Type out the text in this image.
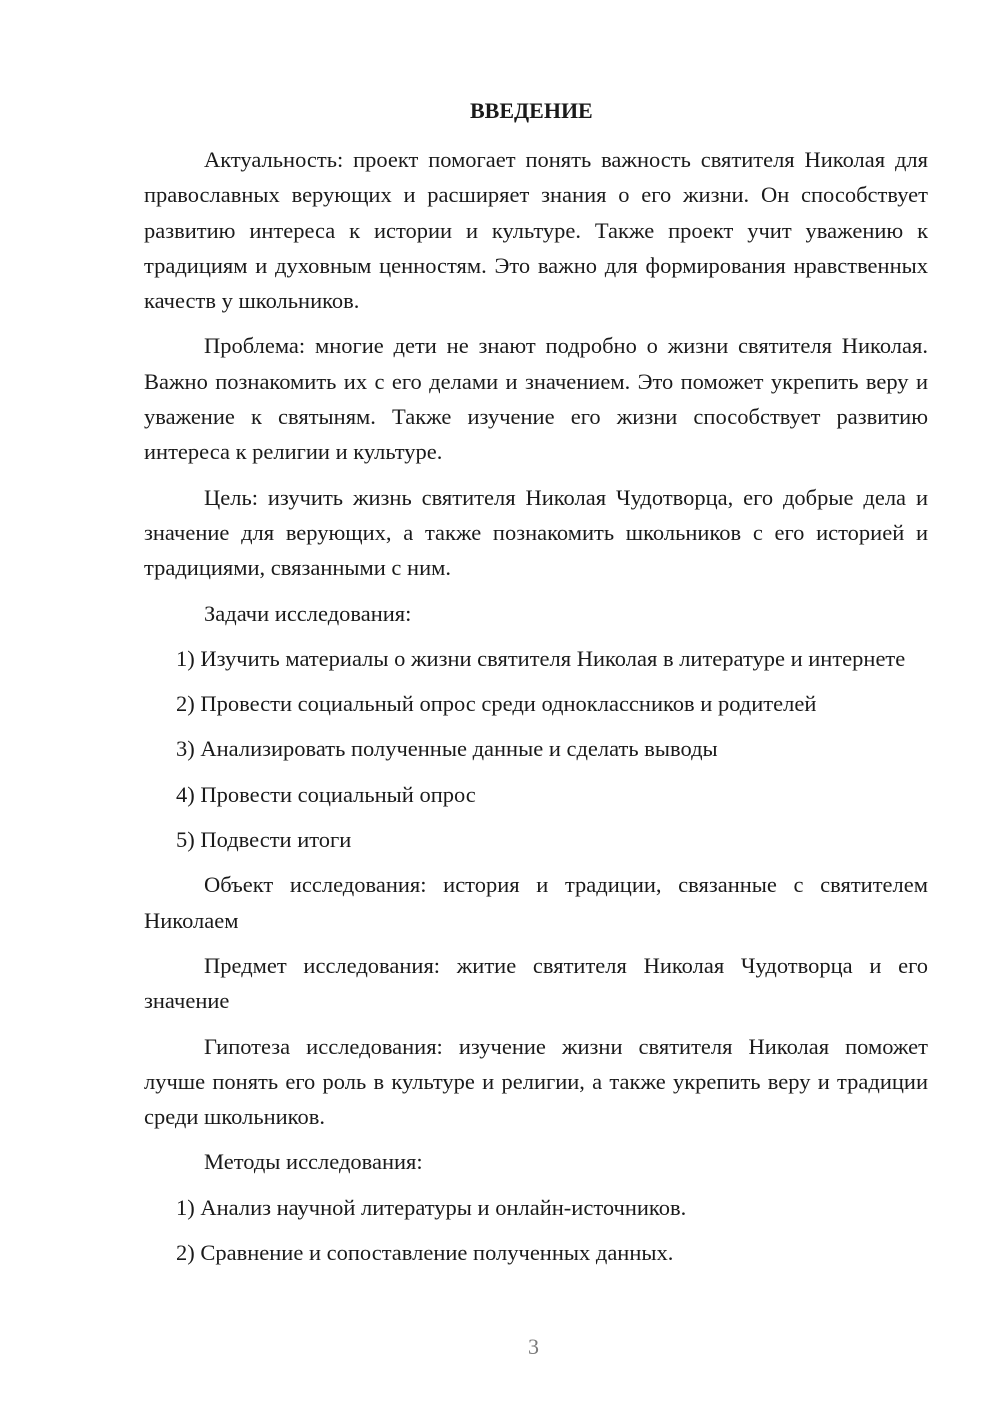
ВВЕДЕНИЕ

Актуальность: проект помогает понять важность святителя Николая для православных верующих и расширяет знания о его жизни. Он способствует развитию интереса к истории и культуре. Также проект учит уважению к традициям и духовным ценностям. Это важно для формирования нравственных качеств у школьников.

Проблема: многие дети не знают подробно о жизни святителя Николая. Важно познакомить их с его делами и значением. Это поможет укрепить веру и уважение к святыням. Также изучение его жизни способствует развитию интереса к религии и культуре.

Цель: изучить жизнь святителя Николая Чудотворца, его добрые дела и значение для верующих, а также познакомить школьников с его историей и традициями, связанными с ним.

Задачи исследования:

1) Изучить материалы о жизни святителя Николая в литературе и интернете

2) Провести социальный опрос среди одноклассников и родителей

3) Анализировать полученные данные и сделать выводы

4) Провести социальный опрос

5) Подвести итоги

Объект исследования: история и традиции, связанные с святителем Николаем

Предмет исследования: житие святителя Николая Чудотворца и его значение

Гипотеза исследования: изучение жизни святителя Николая поможет лучше понять его роль в культуре и религии, а также укрепить веру и традиции среди школьников.

Методы исследования:

1) Анализ научной литературы и онлайн-источников.

2) Сравнение и сопоставление полученных данных.

3
